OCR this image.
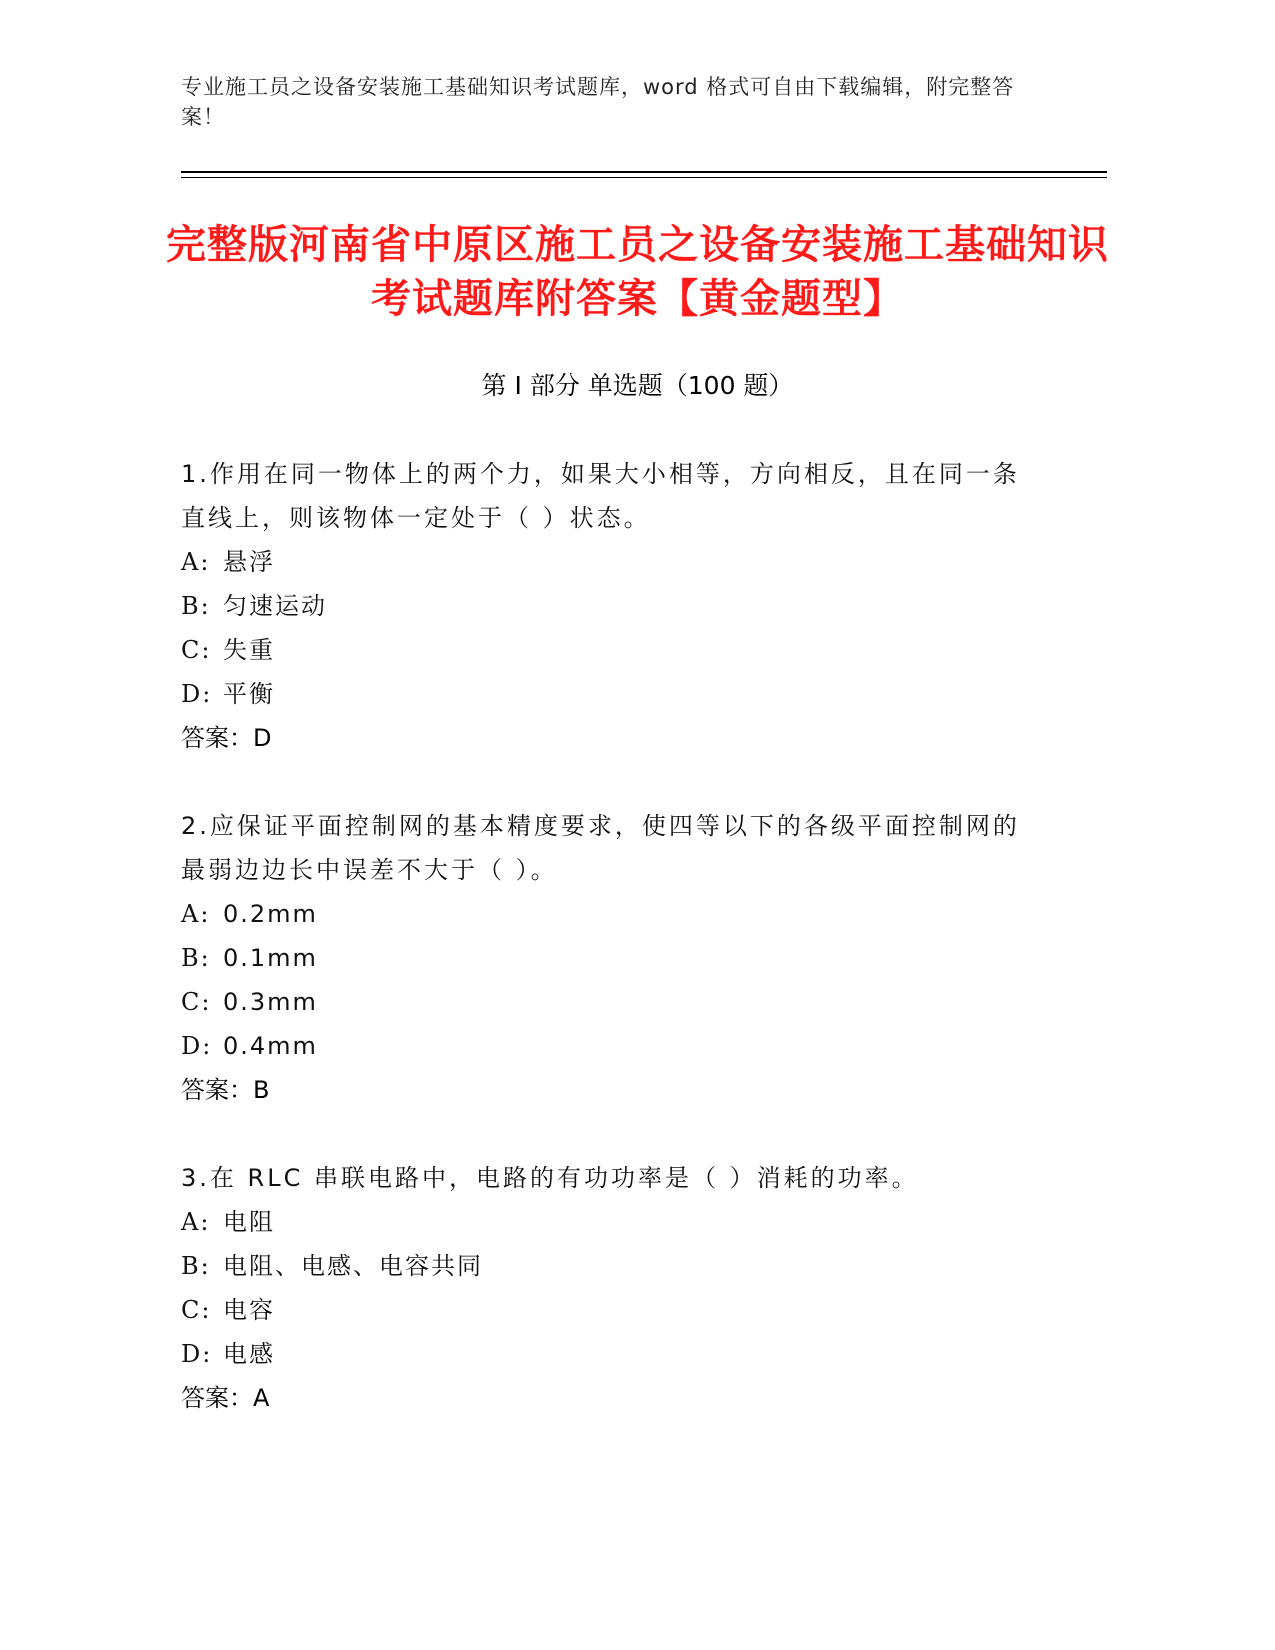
专业施工员之设备安装施工基础知识考试题库，word 格式可自由下载编辑，附完整答案！
完整版河南省中原区施工员之设备安装施工基础知识考试题库附答案【黄金题型】
第 I 部分 单选题（100 题）
1.作用在同一物体上的两个力，如果大小相等，方向相反，且在同一条直线上，则该物体一定处于（ ）状态。
A: 悬浮
B: 匀速运动
C: 失重
D: 平衡
答案： D
2.应保证平面控制网的基本精度要求，使四等以下的各级平面控制网的最弱边边长中误差不大于（ ）。
A: 0.2mm
B: 0.1mm
C: 0.3mm
D: 0.4mm
答案： B
3.在 RLC 串联电路中，电路的有功功率是（ ）消耗的功率。
A: 电阻
B: 电阻、电感、电容共同
C: 电容
D: 电感
答案： A
